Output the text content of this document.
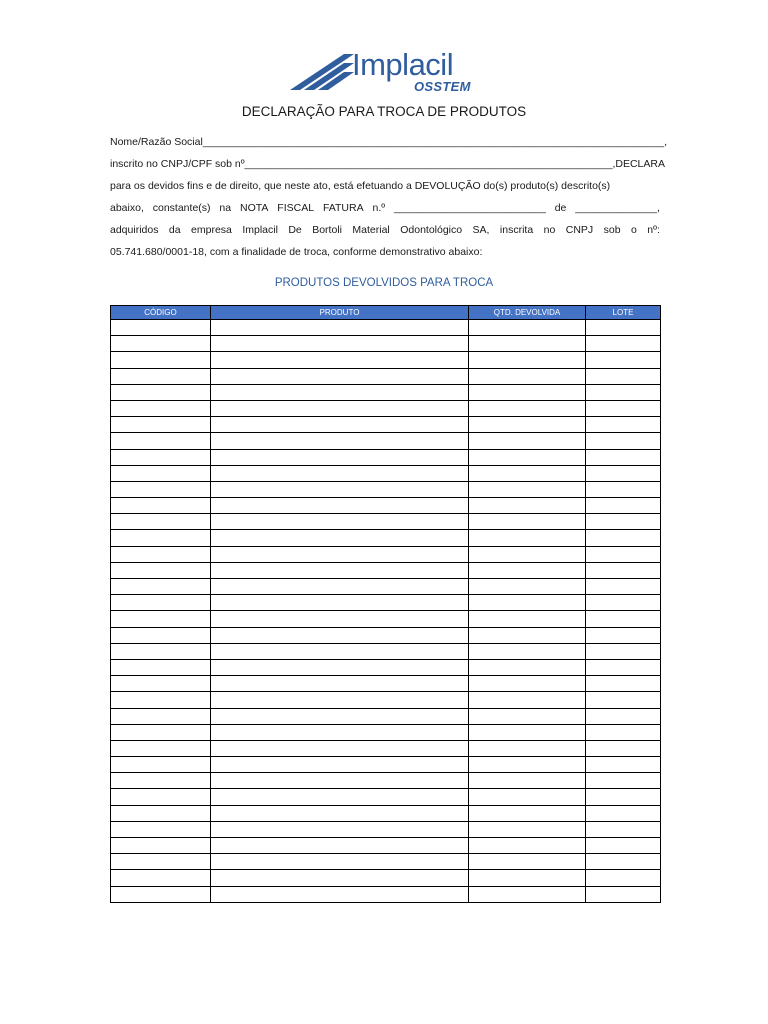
Implacil
OSSTEM
DECLARAÇÃO PARA TROCA DE PRODUTOS
Nome/Razão Social_______________________________________________________________________________,
inscrito no CNPJ/CPF sob nº_______________________________________________________________,DECLARA
para os devidos fins e de direito, que neste ato, está efetuando a DEVOLUÇÃO do(s) produto(s) descrito(s)
abaixo, constante(s) na NOTA FISCAL FATURA n.º __________________________ de ______________,
adquiridos da empresa Implacil De Bortoli Material Odontológico SA, inscrita no CNPJ sob o nº:
05.741.680/0001-18, com a finalidade de troca, conforme demonstrativo abaixo:
PRODUTOS DEVOLVIDOS PARA TROCA
CÓDIGO	PRODUTO	QTD. DEVOLVIDA	LOTE
